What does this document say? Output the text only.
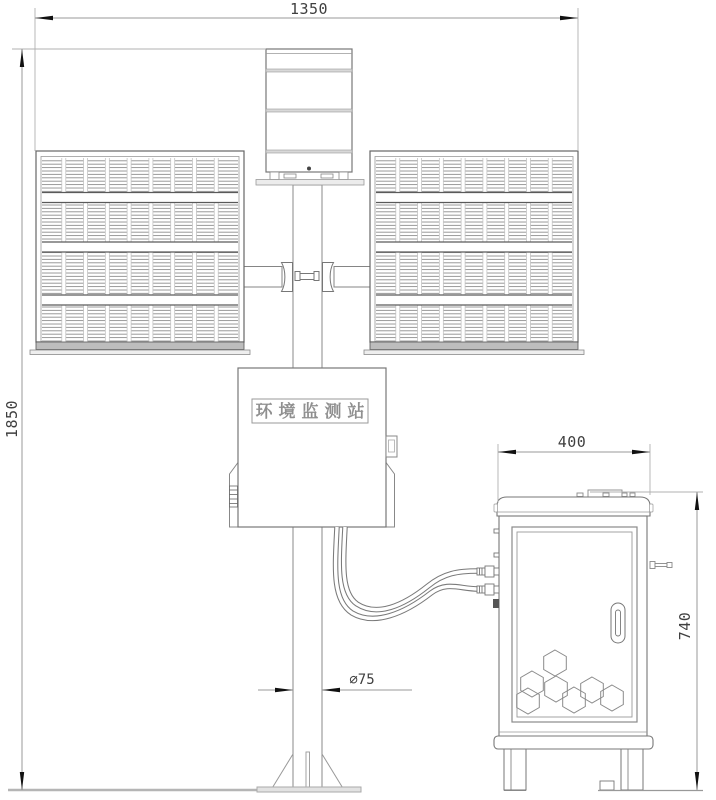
环境监测站
1350
1850
∅75
400
740
